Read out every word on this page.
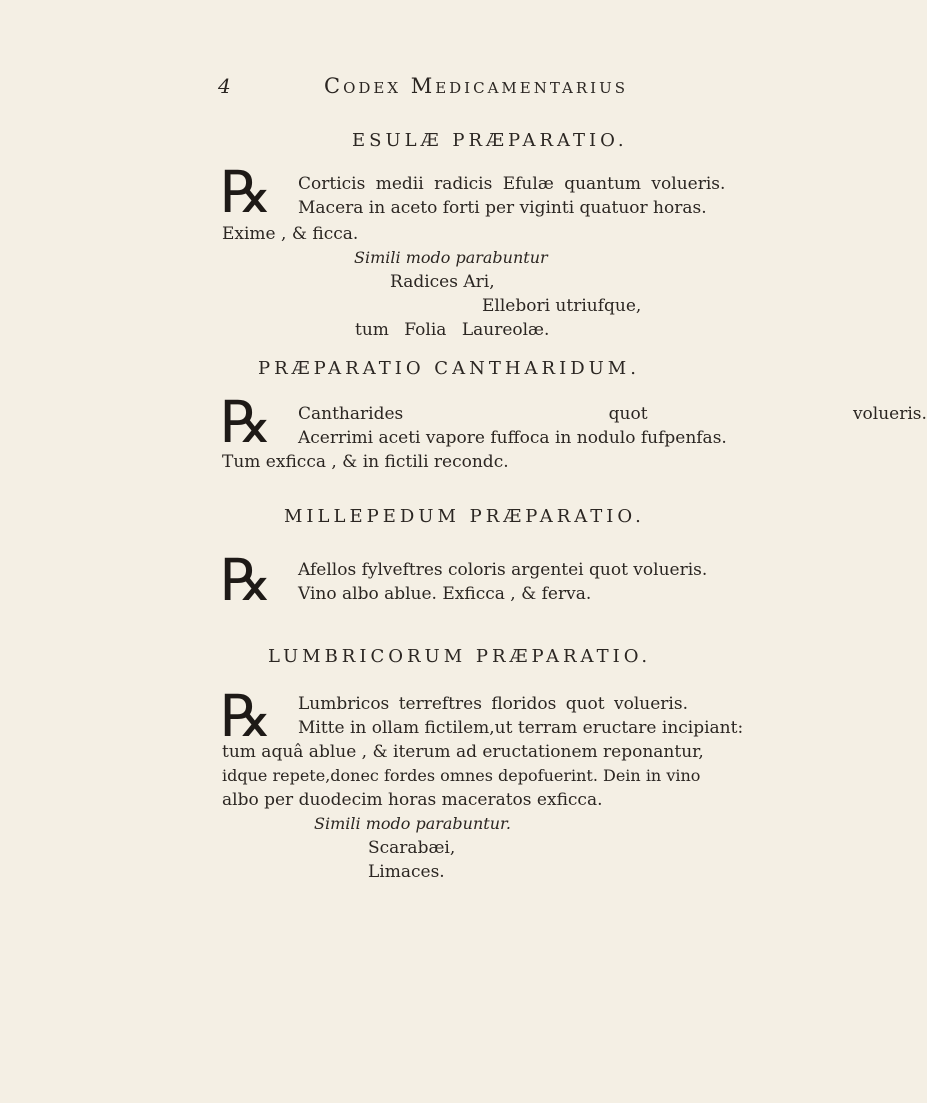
4	Codex Medicamentarius
ESULÆ PRÆPARATIO.
℞ Corticis medii radicis Efulæ quantum volueris.
Macera in aceto forti per viginti quatuor horas.
Exime , & ficca.
Simili modo parabuntur
Radices Ari,
Ellebori utriufque,
tum Folia Laureolæ.
PRÆPARATIO CANTHARIDUM.
℞ Cantharides quot volueris.
Acerrimi aceti vapore fuffoca in nodulo fufpenfas.
Tum exficca , & in fictili recondc.
MILLEPEDUM PRÆPARATIO.
℞ Afellos fylveftres coloris argentei quot volueris.
Vino albo ablue. Exficca , & ferva.
LUMBRICORUM PRÆPARATIO.
℞ Lumbricos terreftres floridos quot volueris.
Mitte in ollam fictilem,ut terram eructare incipiant:
tum aquâ ablue , & iterum ad eructationem reponantur,
idque repete,donec fordes omnes depofuerint. Dein in vino
albo per duodecim horas maceratos exficca.
Simili modo parabuntur.
Scarabæi,
Limaces.
